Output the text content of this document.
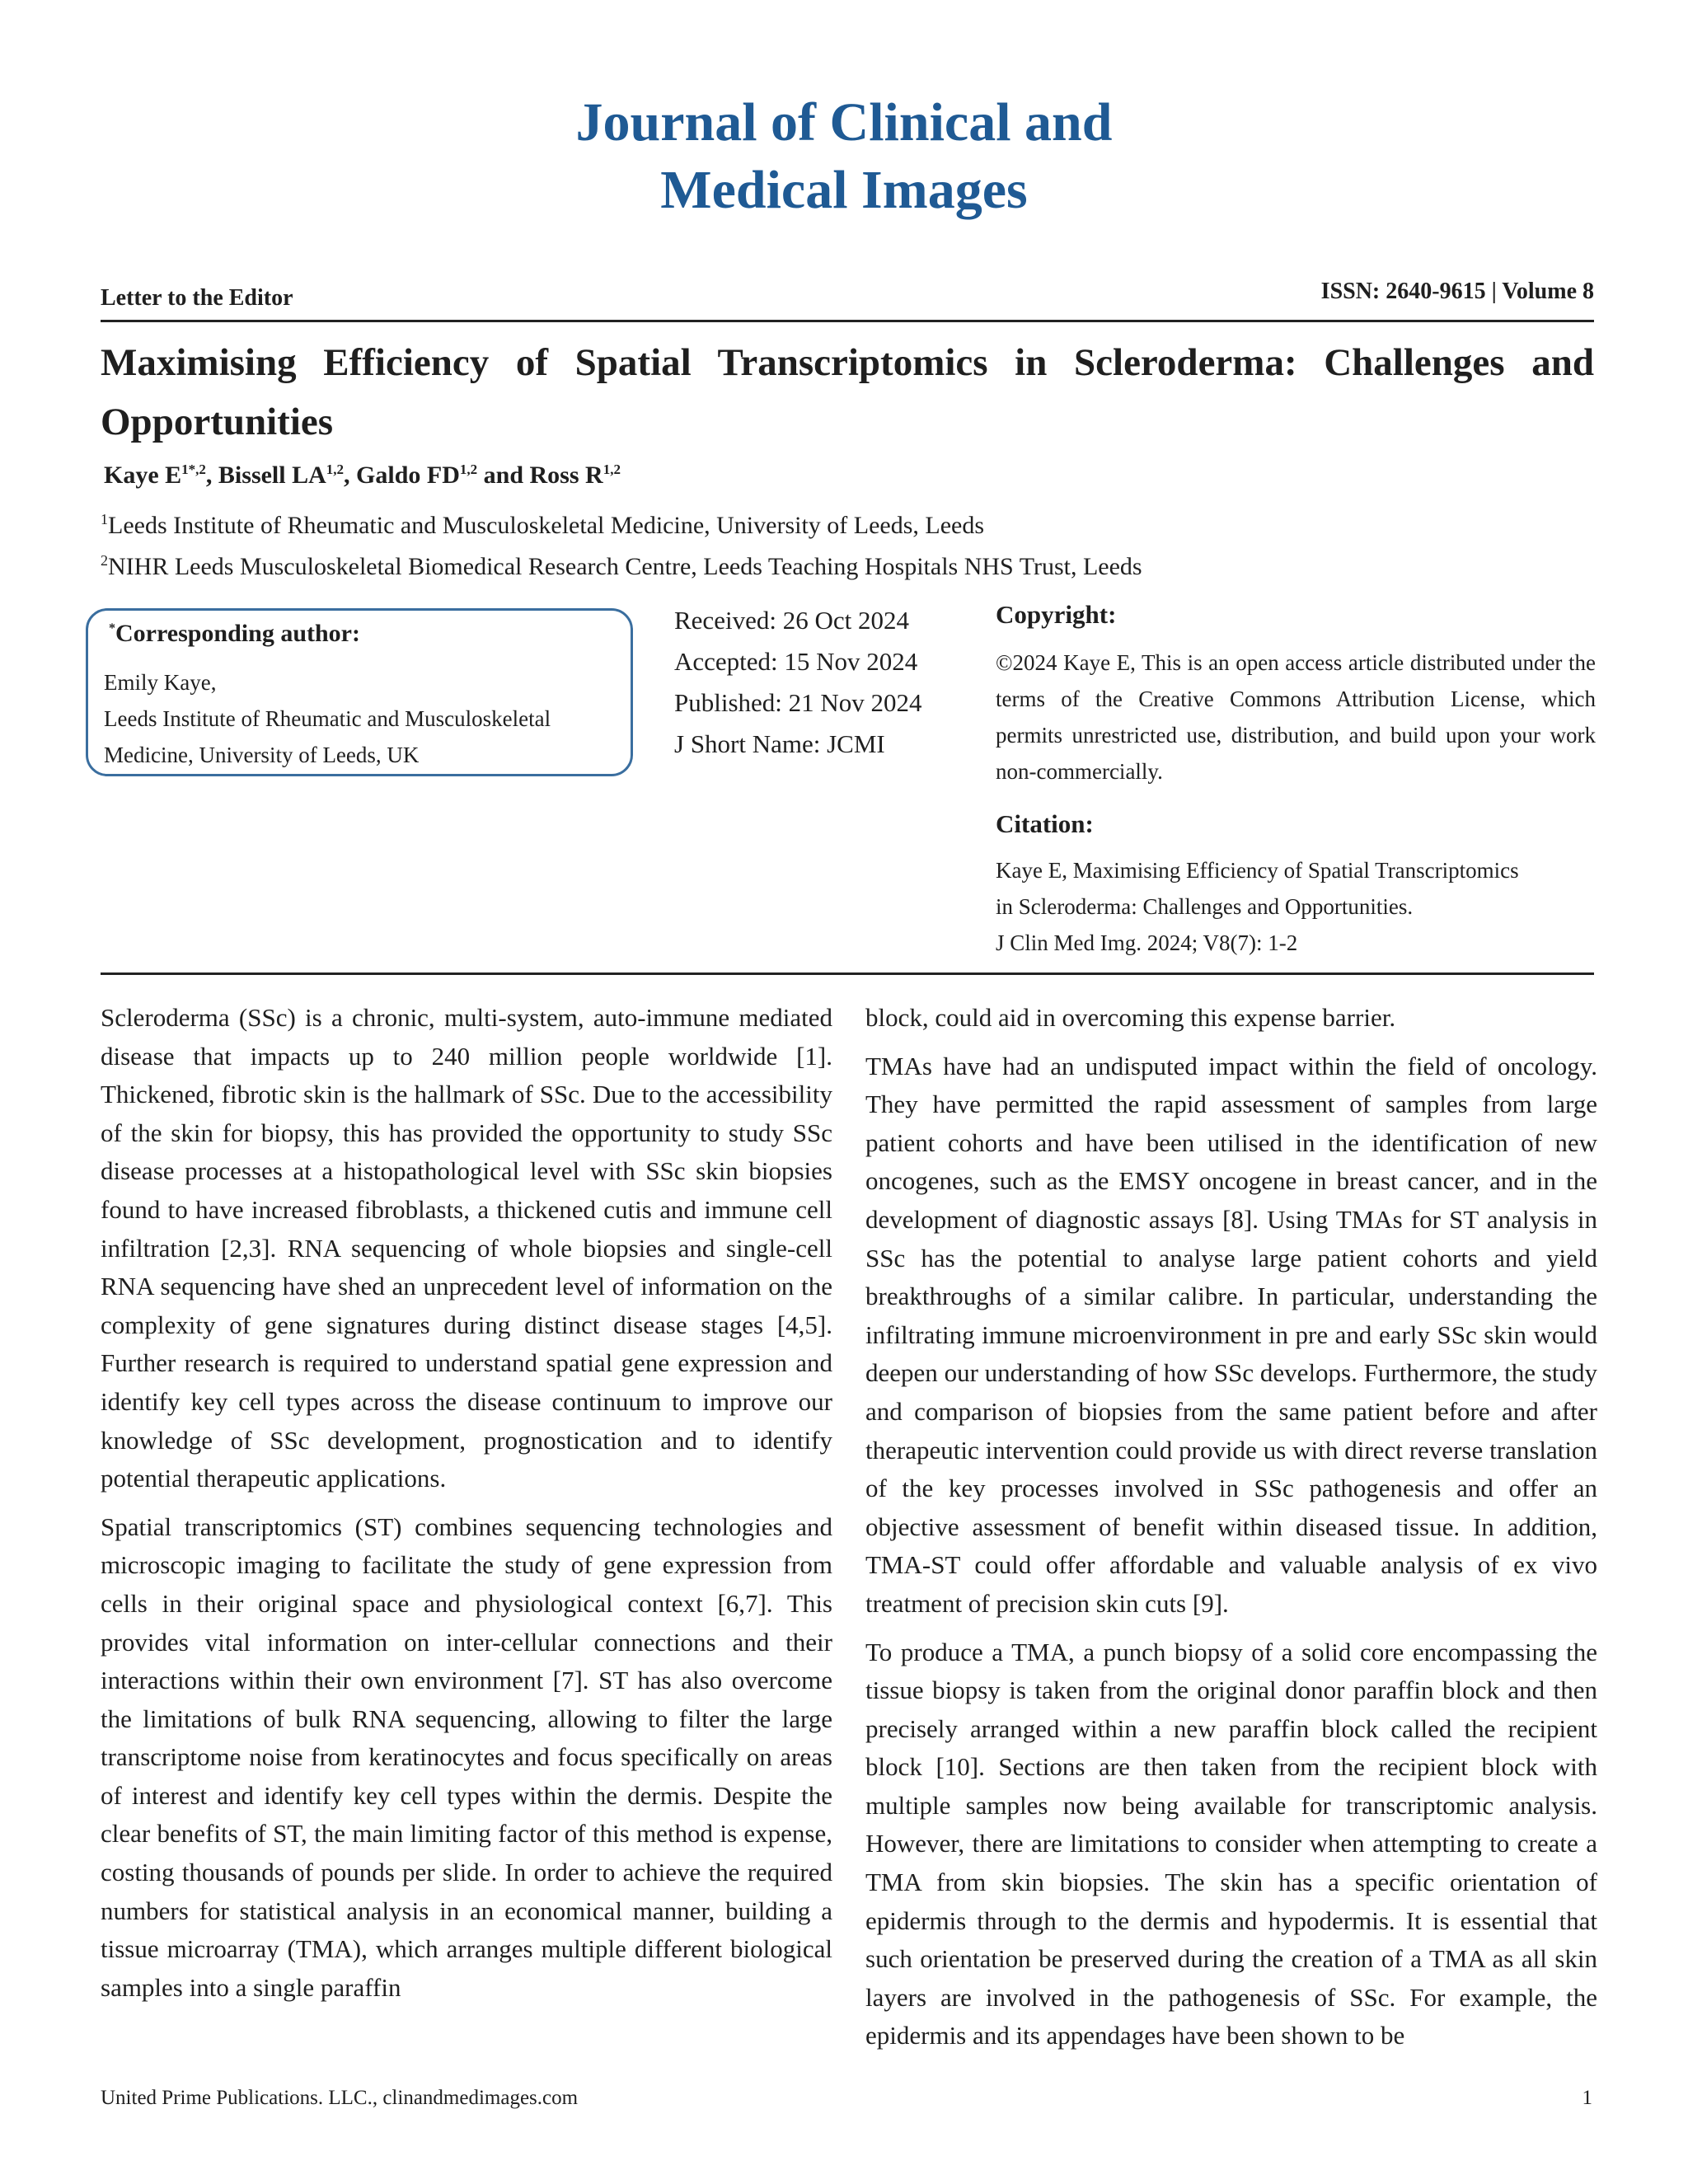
Journal of Clinical and
Medical Images
Letter to the Editor	ISSN: 2640-9615 | Volume 8
Maximising Efficiency of Spatial Transcriptomics in Scleroderma: Challenges and Opportunities
Kaye $E^{1*,2}$, Bissell LA$^{1,2}$, Galdo FD$^{1,2}$ and Ross R$^{1,2}$
$^1$Leeds Institute of Rheumatic and Musculoskeletal Medicine, University of Leeds, Leeds
$^2$NIHR Leeds Musculoskeletal Biomedical Research Centre, Leeds Teaching Hospitals NHS Trust, Leeds
*Corresponding author:
Emily Kaye,
Leeds Institute of Rheumatic and Musculoskeletal
Medicine, University of Leeds, UK
Received: 26 Oct 2024
Accepted: 15 Nov 2024
Published: 21 Nov 2024
J Short Name: JCMI
Copyright:
©2024 Kaye E, This is an open access article distributed under the terms of the Creative Commons Attribution License, which permits unrestricted use, distribution, and build upon your work non-commercially.
Citation:
Kaye E, Maximising Efficiency of Spatial Transcriptomics
in Scleroderma: Challenges and Opportunities.
J Clin Med Img. 2024; V8(7): 1-2

Scleroderma (SSc) is a chronic, multi-system, auto-immune mediated disease that impacts up to 240 million people worldwide [1]. Thickened, fibrotic skin is the hallmark of SSc. Due to the accessibility of the skin for biopsy, this has provided the opportunity to study SSc disease processes at a histopathological level with SSc skin biopsies found to have increased fibroblasts, a thickened cutis and immune cell infiltration [2,3]. RNA sequencing of whole biopsies and single-cell RNA sequencing have shed an unprecedent level of information on the complexity of gene signatures during distinct disease stages [4,5]. Further research is required to understand spatial gene expression and identify key cell types across the disease continuum to improve our knowledge of SSc development, prognostication and to identify potential therapeutic applications.

Spatial transcriptomics (ST) combines sequencing technologies and microscopic imaging to facilitate the study of gene expression from cells in their original space and physiological context [6,7]. This provides vital information on inter-cellular connections and their interactions within their own environment [7]. ST has also overcome the limitations of bulk RNA sequencing, allowing to filter the large transcriptome noise from keratinocytes and focus specifically on areas of interest and identify key cell types within the dermis. Despite the clear benefits of ST, the main limiting factor of this method is expense, costing thousands of pounds per slide. In order to achieve the required numbers for statistical analysis in an economical manner, building a tissue microarray (TMA), which arranges multiple different biological samples into a single paraffin

block, could aid in overcoming this expense barrier.

TMAs have had an undisputed impact within the field of oncology. They have permitted the rapid assessment of samples from large patient cohorts and have been utilised in the identification of new oncogenes, such as the EMSY oncogene in breast cancer, and in the development of diagnostic assays [8]. Using TMAs for ST analysis in SSc has the potential to analyse large patient cohorts and yield breakthroughs of a similar calibre. In particular, understanding the infiltrating immune microenvironment in pre and early SSc skin would deepen our understanding of how SSc develops. Furthermore, the study and comparison of biopsies from the same patient before and after therapeutic intervention could provide us with direct reverse translation of the key processes involved in SSc pathogenesis and offer an objective assessment of benefit within diseased tissue. In addition, TMA-ST could offer affordable and valuable analysis of ex vivo treatment of precision skin cuts [9].

To produce a TMA, a punch biopsy of a solid core encompassing the tissue biopsy is taken from the original donor paraffin block and then precisely arranged within a new paraffin block called the recipient block [10]. Sections are then taken from the recipient block with multiple samples now being available for transcriptomic analysis. However, there are limitations to consider when attempting to create a TMA from skin biopsies. The skin has a specific orientation of epidermis through to the dermis and hypodermis. It is essential that such orientation be preserved during the creation of a TMA as all skin layers are involved in the pathogenesis of SSc. For example, the epidermis and its appendages have been shown to be

United Prime Publications. LLC., clinandmedimages.com	1
